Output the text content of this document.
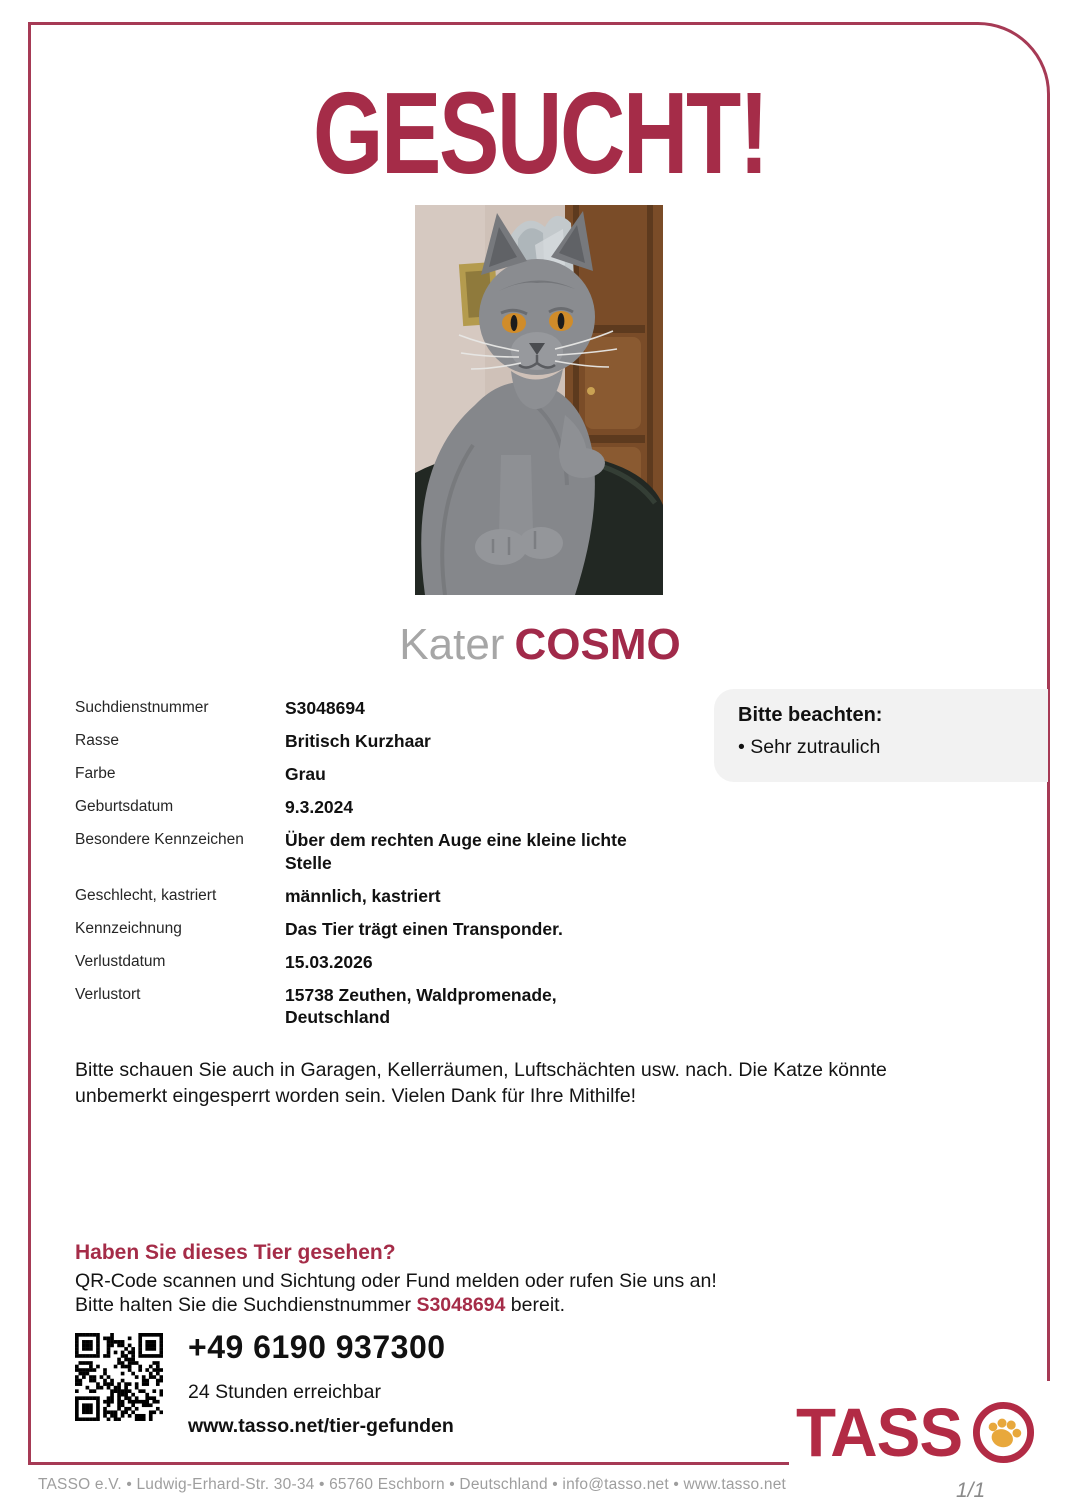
GESUCHT!
Kater COSMO
Suchdienstnummer	S3048694
Rasse	Britisch Kurzhaar
Farbe	Grau
Geburtsdatum	9.3.2024
Besondere Kennzeichen	Über dem rechten Auge eine kleine lichte Stelle
Geschlecht, kastriert	männlich, kastriert
Kennzeichnung	Das Tier trägt einen Transponder.
Verlustdatum	15.03.2026
Verlustort	15738 Zeuthen, Waldpromenade, Deutschland
Bitte beachten:
• Sehr zutraulich
Bitte schauen Sie auch in Garagen, Kellerräumen, Luftschächten usw. nach. Die Katze könnte unbemerkt eingesperrt worden sein. Vielen Dank für Ihre Mithilfe!
Haben Sie dieses Tier gesehen?
QR-Code scannen und Sichtung oder Fund melden oder rufen Sie uns an!
Bitte halten Sie die Suchdienstnummer S3048694 bereit.
+49 6190 937300
24 Stunden erreichbar
www.tasso.net/tier-gefunden	TASS
TASSO e.V. • Ludwig-Erhard-Str. 30-34 • 65760 Eschborn • Deutschland • info@tasso.net • www.tasso.net	1/1
